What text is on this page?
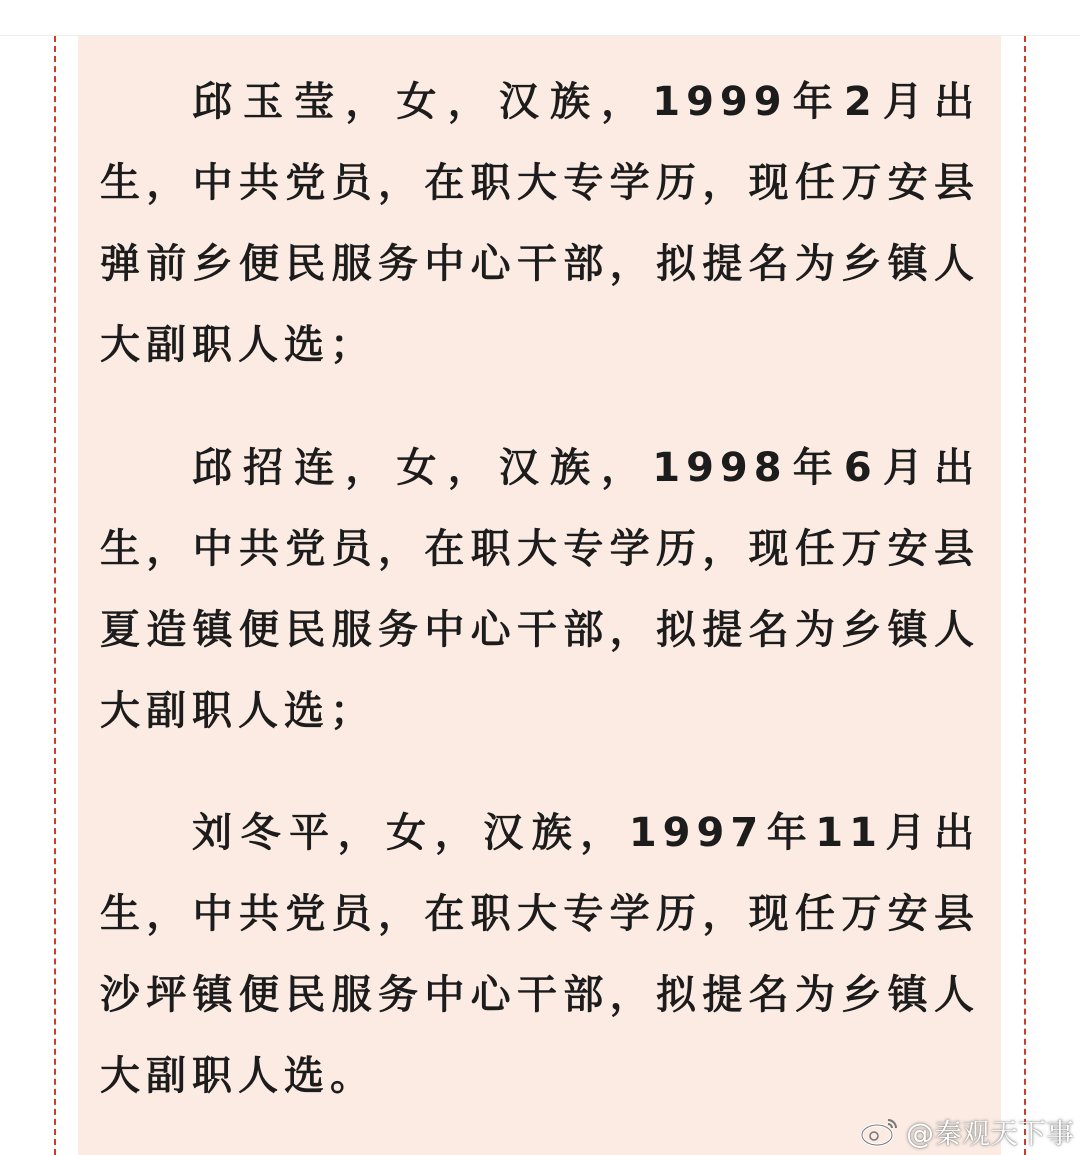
邱玉莹，女，汉族，1999年2月出生，中共党员，在职大专学历，现任万安县弹前乡便民服务中心干部，拟提名为乡镇人大副职人选；

邱招连，女，汉族，1998年6月出生，中共党员，在职大专学历，现任万安县夏造镇便民服务中心干部，拟提名为乡镇人大副职人选；

刘冬平，女，汉族，1997年11月出生，中共党员，在职大专学历，现任万安县沙坪镇便民服务中心干部，拟提名为乡镇人大副职人选。

@秦观天下事
